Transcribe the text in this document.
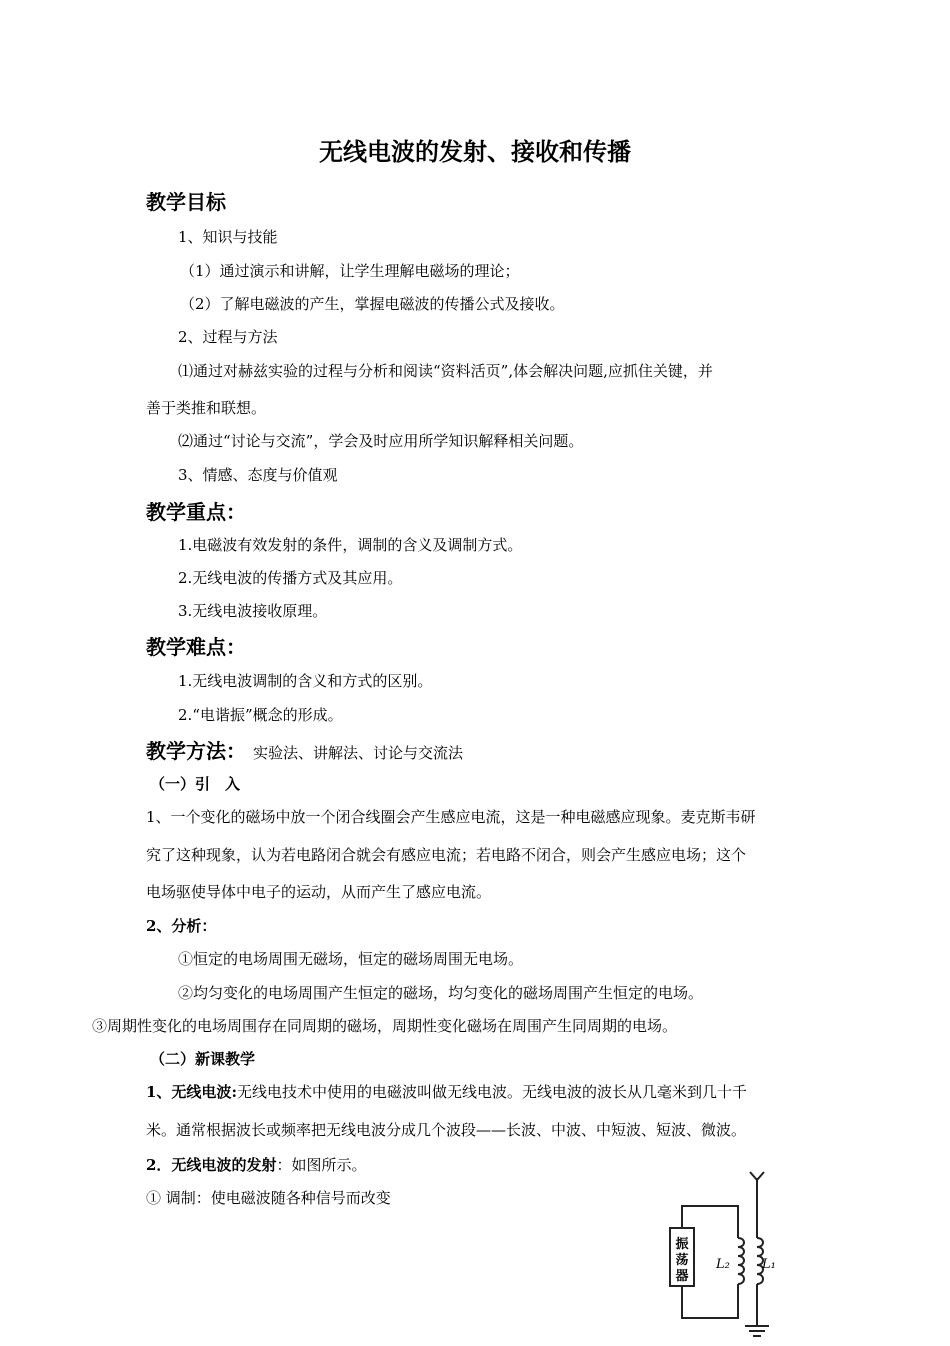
无线电波的发射、接收和传播
教学目标
1、知识与技能
（1）通过演示和讲解，让学生理解电磁场的理论；
（2）了解电磁波的产生，掌握电磁波的传播公式及接收。
2、过程与方法
⑴通过对赫兹实验的过程与分析和阅读“资料活页”,体会解决问题,应抓住关键，并
善于类推和联想。
⑵通过“讨论与交流”，学会及时应用所学知识解释相关问题。
3、情感、态度与价值观
教学重点：
1.电磁波有效发射的条件，调制的含义及调制方式。
2.无线电波的传播方式及其应用。
3.无线电波接收原理。
教学难点：
1.无线电波调制的含义和方式的区别。
2.“电谐振”概念的形成。
教学方法： 实验法、讲解法、讨论与交流法
（一）引　入
1、一个变化的磁场中放一个闭合线圈会产生感应电流，这是一种电磁感应现象。麦克斯韦研
究了这种现象，认为若电路闭合就会有感应电流；若电路不闭合，则会产生感应电场；这个
电场驱使导体中电子的运动，从而产生了感应电流。
2、分析：
①恒定的电场周围无磁场，恒定的磁场周围无电场。
②均匀变化的电场周围产生恒定的磁场，均匀变化的磁场周围产生恒定的电场。
③周期性变化的电场周围存在同周期的磁场，周期性变化磁场在周围产生同周期的电场。
（二）新课教学
1、无线电波:无线电技术中使用的电磁波叫做无线电波。无线电波的波长从几毫米到几十千
米。通常根据波长或频率把无线电波分成几个波段——长波、中波、中短波、短波、微波。
2．无线电波的发射：如图所示。
① 调制：使电磁波随各种信号而改变
振
荡
器
L₂ L₁
